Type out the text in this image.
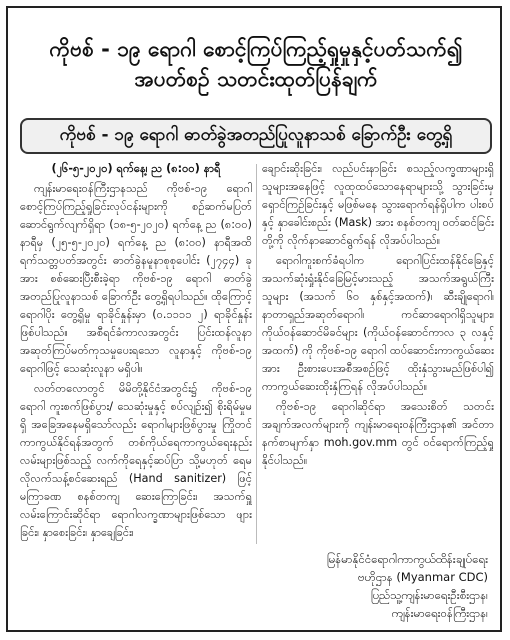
ကိုဗစ် - ၁၉ ရောဂါ စောင့်ကြပ်ကြည့်ရှုမှုနှင့်ပတ်သက်၍
အပတ်စဉ် သတင်းထုတ်ပြန်ချက်
ကိုဗစ် - ၁၉ ရောဂါ ဓာတ်ခွဲအတည်ပြုလူနာသစ် ခြောက်ဦး တွေ့ရှိ

(၂၆-၅-၂၀၂၀) ရက်နေ့၊ ည (၈:၀၀) နာရီ

ကျန်းမာရေးဝန်ကြီးဌာနသည် ကိုဗစ်-၁၉ ရောဂါ စောင့်ကြပ်ကြည့်ရှုခြင်းလုပ်ငန်းများကို စဉ်ဆက်မပြတ် ဆောင်ရွက်လျက်ရှိရာ (၁၈-၅-၂၀၂၀) ရက်နေ့ ည (၈:၀၀) နာရီမှ (၂၅-၅-၂၀၂၀) ရက်နေ့ ည (၈:၀၀) နာရီအထိ ရက်သတ္တပတ်အတွင်း ဓာတ်ခွဲနမူနာစုစုပေါင်း (၂၇၄၄) ခုအား စစ်ဆေးပြီးစီးခဲ့ရာ ကိုဗစ်-၁၉ ရောဂါ ဓာတ်ခွဲအတည်ပြုလူနာသစ် ခြောက်ဦး တွေ့ရှိရပါသည်။ ထိုကြောင့် ရောဂါပိုး တွေ့ရှိမှု ရာခိုင်နှုန်းမှာ (၀.၁၁၁၁ ၂) ရာခိုင်နှုန်းဖြစ်ပါသည်။ အစီရင်ခံကာလအတွင်း ပြင်းထန်လူနာ အဆုတ်ကြပ်မတ်ကုသမှုပေးရသော လူနာနှင့် ကိုဗစ်-၁၉ ရောဂါဖြင့် သေဆုံးလူနာ မရှိပါ။

လတ်တလောတွင် မိမိတို့နိုင်ငံအတွင်း၌ ကိုဗစ်-၁၉ ရောဂါ ကူးစက်ဖြစ်ပွား/ သေဆုံးမှုနှင့် စပ်လျဉ်း၍ စိုးရိမ်မှုမရှိ အခြေအနေမရှိသော်လည်း ရောဂါများဖြစ်ပွားမှု ကြိုတင်ကာကွယ်နိုင်ရန်အတွက် တစ်ကိုယ်ရေကာကွယ်ရေးနည်းလမ်းများဖြစ်သည့် လက်ကိုရေနှင့်ဆပ်ပြာ သို့မဟုတ် ရေမလိုလက်သန့်စင်ဆေးရည် (Hand sanitizer) ဖြင့် မကြာခဏ စနစ်တကျ ဆေးကြောခြင်း၊ အသက်ရှူလမ်းကြောင်းဆိုင်ရာ ရောဂါလက္ခဏာများဖြစ်သော ဖျားခြင်း၊ နှာစေးခြင်း၊ နှာချေခြင်း၊

ချောင်းဆိုးခြင်း၊ လည်ပင်းနာခြင်း စသည့်လက္ခဏာများရှိသူများအနေဖြင့် လူထုထပ်သောနေရာများသို့ သွားခြင်းမှ ရှောင်ကြဉ်ခြင်းနှင့် မဖြစ်မနေ သွားရောက်ရန်ရှိပါက ပါးစပ်နှင့် နှာခေါင်းစည်း (Mask) အား စနစ်တကျ ဝတ်ဆင်ခြင်းတို့ကို လိုက်နာဆောင်ရွက်ရန် လိုအပ်ပါသည်။

ရောဂါကူးစက်ခံရပါက ရောဂါပြင်းထန်နိုင်ခြေနှင့် အသက်ဆုံးရှုံးနိုင်ခြေမြင့်မားသည့် အသက်အရွယ်ကြီးသူများ (အသက် ၆၀ နှစ်နှင့်အထက်)၊ ဆီးချိုရောဂါ၊ နာတာရှည်အဆုတ်ရောဂါ၊ ကင်ဆာရောဂါရှိသူများ၊ ကိုယ်ဝန်ဆောင်မိခင်များ (ကိုယ်ဝန်ဆောင်ကာလ ၃ လနှင့်အထက်) ကို ကိုဗစ်-၁၉ ရောဂါ ထပ်ဆောင်းကာကွယ်ဆေးအား ဦးစားပေးအစီအစဉ်ဖြင့် ထိုးနှံသွားမည်ဖြစ်ပါ၍ ကာကွယ်ဆေးထိုးနှံကြရန် လိုအပ်ပါသည်။

ကိုဗစ်-၁၉ ရောဂါဆိုင်ရာ အသေးစိတ် သတင်းအချက်အလက်များကို ကျန်းမာရေးဝန်ကြီးဌာန၏ အင်တာနက်စာမျက်နှာ moh.gov.mm တွင် ဝင်ရောက်ကြည့်ရှုနိုင်ပါသည်။

မြန်မာနိုင်ငံရောဂါကာကွယ်ထိန်းချုပ်ရေး
ဗဟိုဌာန (Myanmar CDC)
ပြည်သူ့ကျန်းမာရေးဦးစီးဌာန၊
ကျန်းမာရေးဝန်ကြီးဌာန၊
